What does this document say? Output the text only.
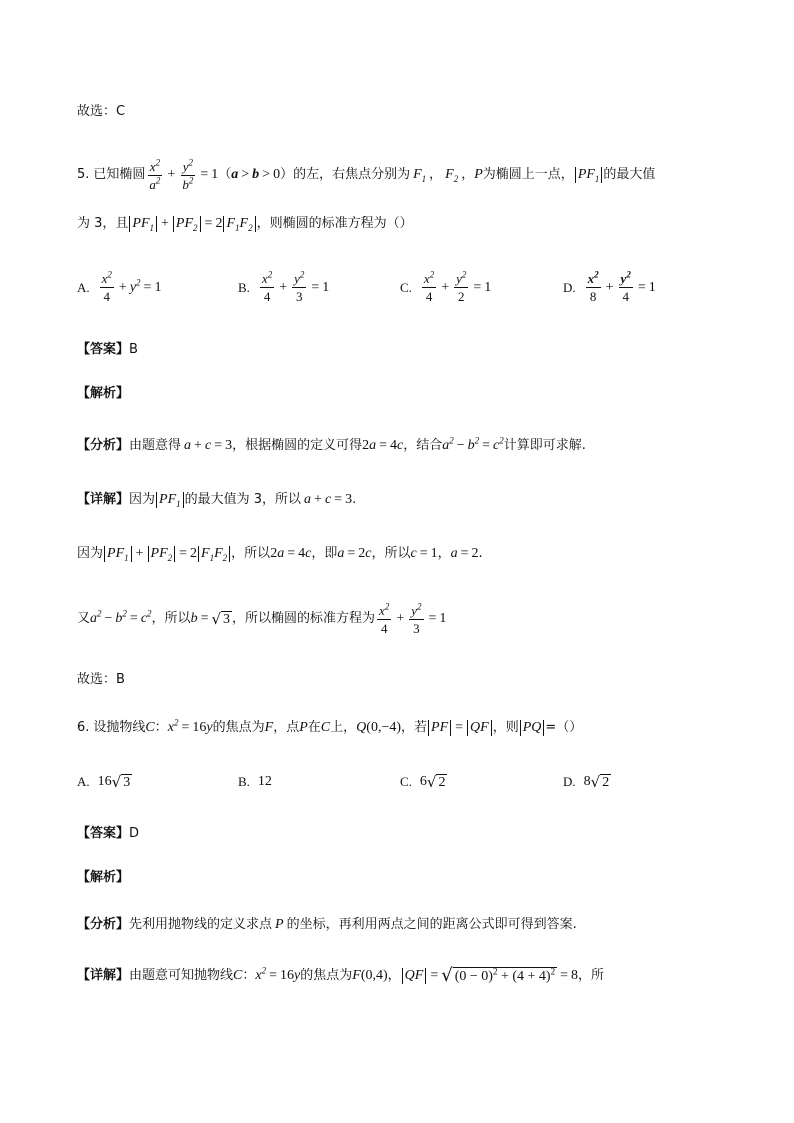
故选：C
5. 已知椭圆 $\frac{x^2}{a^2} + \frac{y^2}{b^2} = 1$ （ a > b > 0 ）的左，右焦点分别为 $F_1$ ， $F_2$ ， P 为椭圆上一点， $PF_1$ 的最大值
为 3，且 $PF_1 + PF_2 = 2$ $F_1F_2$ ，则椭圆的标准方程为（）
A. $\frac{x^2}{4} + y^2 = 1$	B. $\frac{x^2}{4} + \frac{y^2}{3} = 1$	C. $\frac{x^2}{4} + \frac{y^2}{2} = 1$	D. $\frac{x^2}{8} + \frac{y^2}{4} = 1$
【答案】 B
【解析】
【分析】 由题意得 a + c = 3 ，根据椭圆的定义可得 2 a = 4 c ，结合 $a^2 - b^2 = c^2$ 计算即可求解.
【详解】 因为 $PF_1$ 的最大值为 3，所以 a + c = 3 .
因为 $PF_1 + PF_2 = 2$ $F_1F_2$ ，所以 2 a = 4 c ，即 a = 2 c ，所以 c = 1 ， a = 2 .
又 $a^2 - b^2 = c^2$ ，所以 b = √ 3 ，所以椭圆的标准方程为 $\frac{x^2}{4} + \frac{y^2}{3} = 1$
故选：B
6. 设抛物线 C ： $x^2 = 16$ y 的焦点为 F ，点 P 在 C 上， Q (0,−4) ，若 PF = QF ，则 PQ =（）
A. 16 √ 3	B. 12	C. 6 √ 2	D. 8 √ 2
【答案】 D
【解析】
【分析】 先利用抛物线的定义求点 P 的坐标，再利用两点之间的距离公式即可得到答案.
【详解】 由题意可知抛物线 C ： $x^2 = 16$ y 的焦点为 F (0,4) ， QF = √ $(0 - 0)^2 + (4 + 4)^2 = 8$ ，所
